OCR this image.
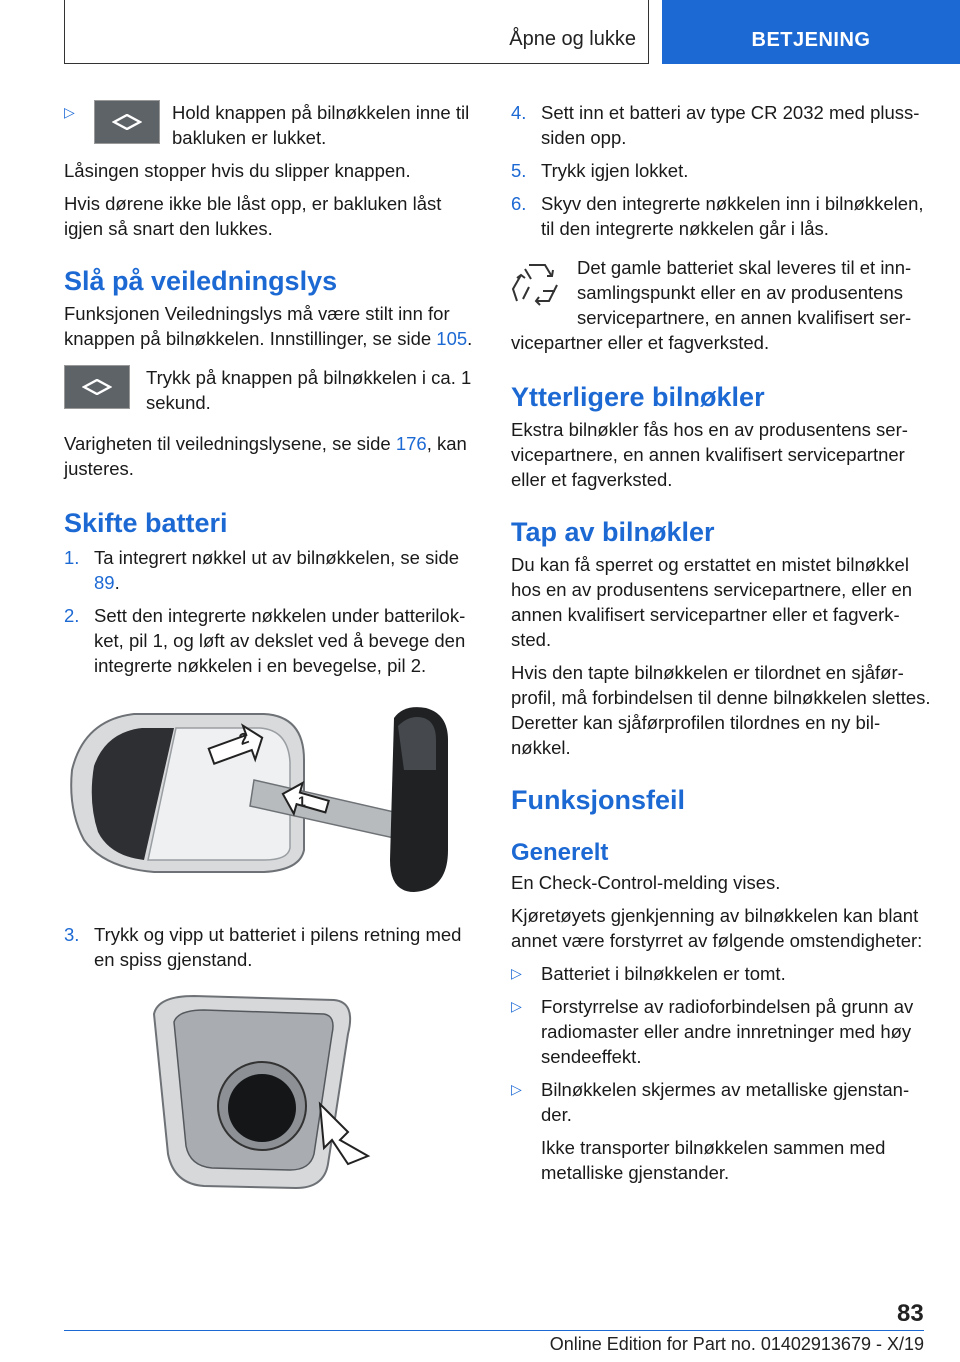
Åpne og lukke	BETJENING
▷	Hold knappen på bilnøkkelen inne til bakluken er lukket.

Låsingen stopper hvis du slipper knappen.

Hvis dørene ikke ble låst opp, er bakluken låst igjen så snart den lukkes.

Slå på veiledningslys

Funksjonen Veiledningslys må være stilt inn for knappen på bilnøkkelen. Innstillinger, se side 105.

Trykk på knappen på bilnøkkelen i ca. 1 sekund.

Varigheten til veiledningslysene, se side 176, kan justeres.

Skifte batteri
1. Ta integrert nøkkel ut av bilnøkkelen, se side 89.
2. Sett den integrerte nøkkelen under batterilokket, pil 1, og løft av dekslet ved å bevege den integrerte nøkkelen i en bevegelse, pil 2.
2
1
3. Trykk og vipp ut batteriet i pilens retning med en spiss gjenstand.
4. Sett inn et batteri av type CR 2032 med pluss-siden opp.
5. Trykk igjen lokket.
6. Skyv den integrerte nøkkelen inn i bilnøkkelen, til den integrerte nøkkelen går i lås.
Det gamle batteriet skal leveres til et innsamlingspunkt eller en av produsentens servicepartnere, en annen kvalifisert servicepartner eller et fagverksted.
Ytterligere bilnøkler

Ekstra bilnøkler fås hos en av produsentens servicepartnere, en annen kvalifisert servicepartner eller et fagverksted.

Tap av bilnøkler

Du kan få sperret og erstattet en mistet bilnøkkel hos en av produsentens servicepartnere, eller en annen kvalifisert servicepartner eller et fagverksted.

Hvis den tapte bilnøkkelen er tilordnet en sjåførprofil, må forbindelsen til denne bilnøkkelen slettes. Deretter kan sjåførprofilen tilordnes en ny bilnøkkel.

Funksjonsfeil
Generelt

En Check-Control-melding vises.

Kjøretøyets gjenkjenning av bilnøkkelen kan blant annet være forstyrret av følgende omstendigheter:

▷	Batteriet i bilnøkkelen er tomt.
▷	Forstyrrelse av radioforbindelsen på grunn av radiomaster eller andre innretninger med høy sendeeffekt.
▷	Bilnøkkelen skjermes av metalliske gjenstander.

Ikke transporter bilnøkkelen sammen med metalliske gjenstander.

83
Online Edition for Part no. 01402913679 - X/19
